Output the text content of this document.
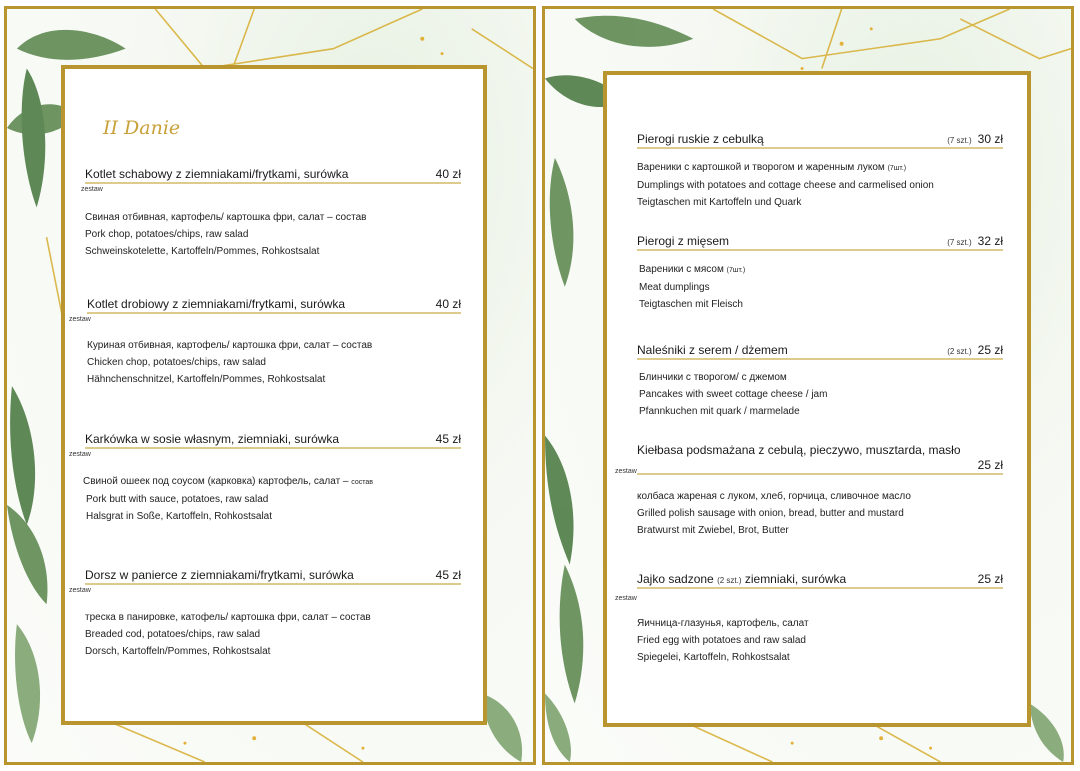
II Danie
Kotlet schabowy z ziemniakami/frytkami, surówka	40 zł
zestaw
Свиная отбивная, картофель/ картошка фри, салат – состав
Pork chop, potatoes/chips, raw salad
Schweinskotelette, Kartoffeln/Pommes, Rohkostsalat
Kotlet drobiowy z ziemniakami/frytkami, surówka	40 zł
zestaw
Куриная отбивная, картофель/ картошка фри, салат – состав
Chicken chop, potatoes/chips, raw salad
Hähnchenschnitzel, Kartoffeln/Pommes, Rohkostsalat
Karkówka w sosie własnym, ziemniaki, surówka	45 zł
zestaw
Свиной ошеек под соусом (карковка) картофель, салат – состав
Pork butt with sauce, potatoes, raw salad
Halsgrat in Soße, Kartoffeln, Rohkostsalat
Dorsz w panierce z ziemniakami/frytkami, surówka	45 zł
zestaw
треска в панировке, катофель/ картошка фри, салат – состав
Breaded cod, potatoes/chips, raw salad
Dorsch, Kartoffeln/Pommes, Rohkostsalat
Pierogi ruskie z cebulką	(7 szt.) 30 zł
Вареники с картошкой и творогом и жаренным луком (7шт.)
Dumplings with potatoes and cottage cheese and carmelised onion
Teigtaschen mit Kartoffeln und Quark
Pierogi z mięsem	(7 szt.) 32 zł
Вареники с мясом (7шт.)
Meat dumplings
Teigtaschen mit Fleisch
Naleśniki z serem / dżemem	(2 szt.) 25 zł
Блинчики с творогом/ с джемом
Pancakes with sweet cottage cheese / jam
Pfannkuchen mit quark / marmelade
Kiełbasa podsmażana z cebulą, pieczywo, musztarda, masło
25 zł
zestaw
колбаса жареная с луком, хлеб, горчица, сливочное масло
Grilled polish sausage with onion, bread, butter and mustard
Bratwurst mit Zwiebel, Brot, Butter
Jajko sadzone (2 szt.) ziemniaki, surówka	25 zł
zestaw
Яичница-глазунья, картофель, салат
Fried egg with potatoes and raw salad
Spiegelei, Kartoffeln, Rohkostsalat
